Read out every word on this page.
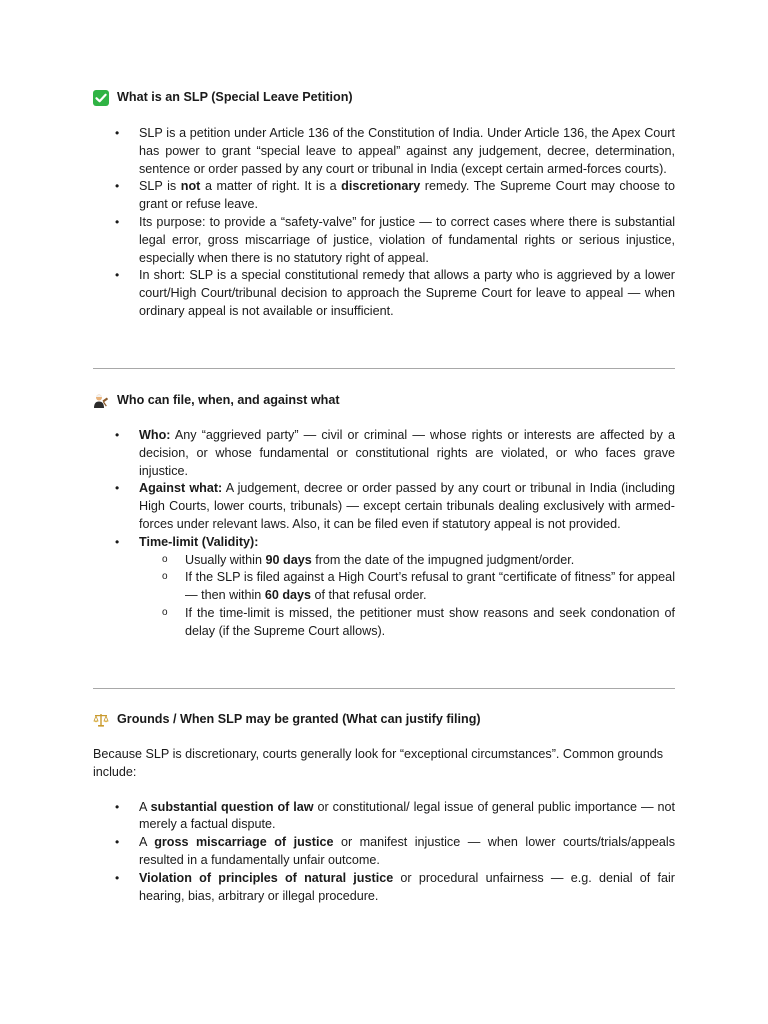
What is an SLP (Special Leave Petition)
• SLP is a petition under Article 136 of the Constitution of India. Under Article 136, the Apex Court has power to grant “special leave to appeal” against any judgement, decree, determination, sentence or order passed by any court or tribunal in India (except certain armed-forces courts).
• SLP is not a matter of right. It is a discretionary remedy. The Supreme Court may choose to grant or refuse leave.
• Its purpose: to provide a “safety-valve” for justice — to correct cases where there is substantial legal error, gross miscarriage of justice, violation of fundamental rights or serious injustice, especially when there is no statutory right of appeal.
• In short: SLP is a special constitutional remedy that allows a party who is aggrieved by a lower court/High Court/tribunal decision to approach the Supreme Court for leave to appeal — when ordinary appeal is not available or insufficient.
Who can file, when, and against what
• Who: Any “aggrieved party” — civil or criminal — whose rights or interests are affected by a decision, or whose fundamental or constitutional rights are violated, or who faces grave injustice.
• Against what: A judgement, decree or order passed by any court or tribunal in India (including High Courts, lower courts, tribunals) — except certain tribunals dealing exclusively with armed-forces under relevant laws. Also, it can be filed even if statutory appeal is not provided.
• Time-limit (Validity):
o Usually within 90 days from the date of the impugned judgment/order.
o If the SLP is filed against a High Court’s refusal to grant “certificate of fitness” for appeal — then within 60 days of that refusal order.
o If the time-limit is missed, the petitioner must show reasons and seek condonation of delay (if the Supreme Court allows).
Grounds / When SLP may be granted (What can justify filing)

Because SLP is discretionary, courts generally look for “exceptional circumstances”. Common grounds include:

• A substantial question of law or constitutional/ legal issue of general public importance — not merely a factual dispute.
• A gross miscarriage of justice or manifest injustice — when lower courts/trials/appeals resulted in a fundamentally unfair outcome.
• Violation of principles of natural justice or procedural unfairness — e.g. denial of fair hearing, bias, arbitrary or illegal procedure.
